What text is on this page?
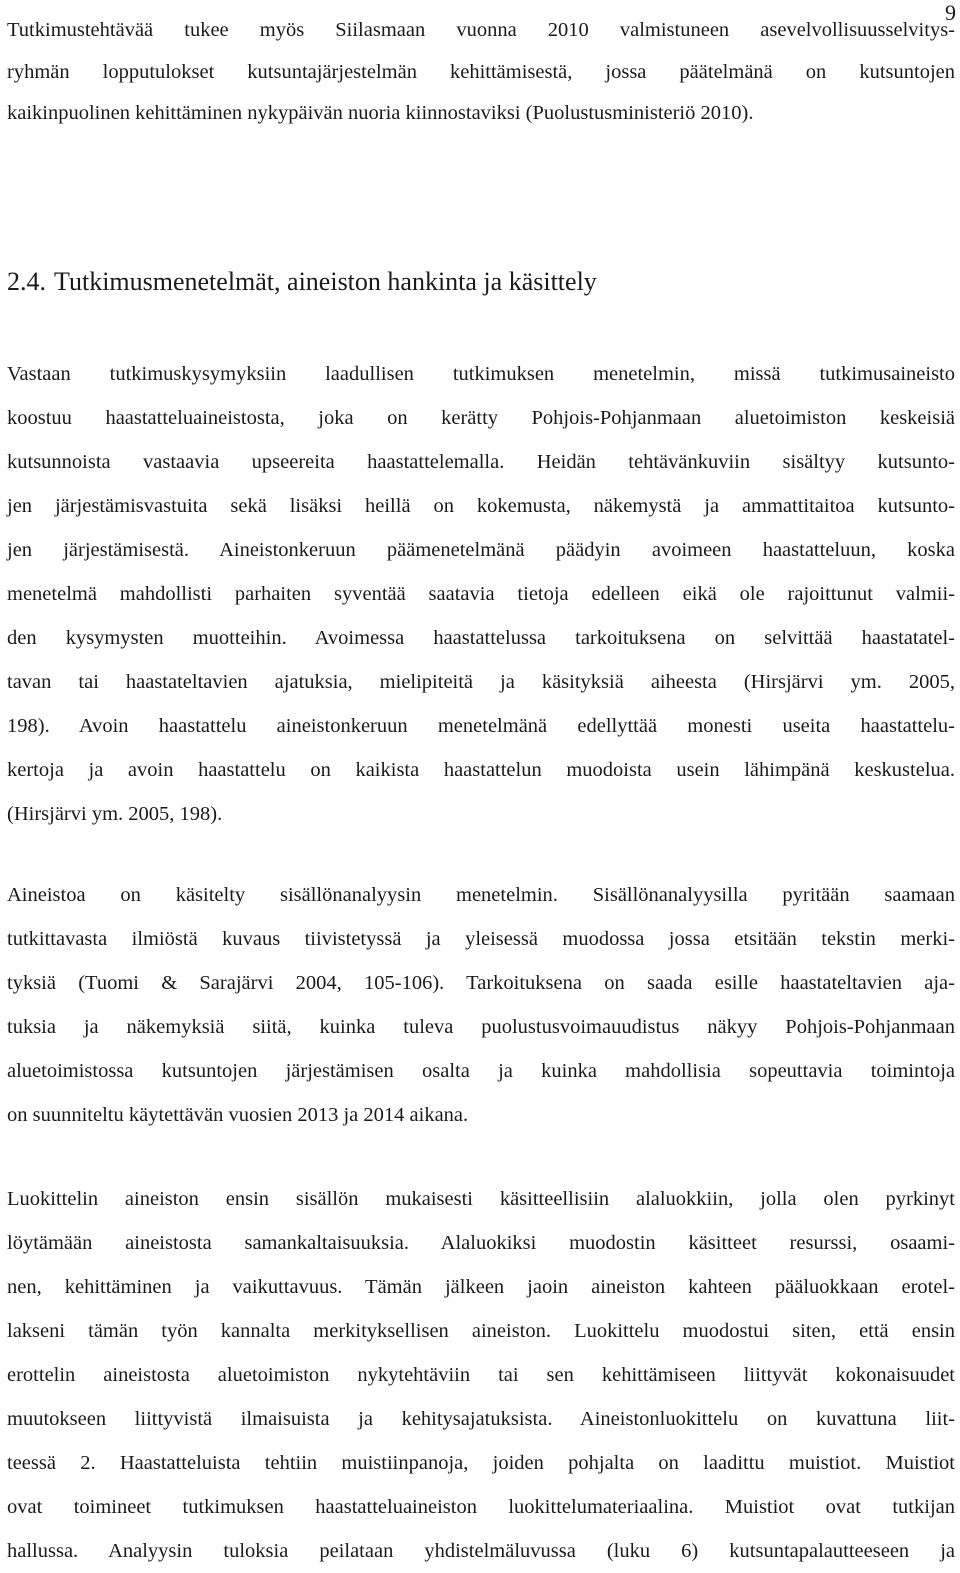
9
Tutkimustehtävää tukee myös Siilasmaan vuonna 2010 valmistuneen asevelvollisuusselvitys-
ryhmän lopputulokset kutsuntajärjestelmän kehittämisestä, jossa päätelmänä on kutsuntojen
kaikinpuolinen kehittäminen nykypäivän nuoria kiinnostaviksi (Puolustusministeriö 2010).
2.4. Tutkimusmenetelmät, aineiston hankinta ja käsittely
Vastaan tutkimuskysymyksiin laadullisen tutkimuksen menetelmin, missä tutkimusaineisto
koostuu haastatteluaineistosta, joka on kerätty Pohjois-Pohjanmaan aluetoimiston keskeisiä
kutsunnoista vastaavia upseereita haastattelemalla. Heidän tehtävänkuviin sisältyy kutsunto-
jen järjestämisvastuita sekä lisäksi heillä on kokemusta, näkemystä ja ammattitaitoa kutsunto-
jen järjestämisestä. Aineistonkeruun päämenetelmänä päädyin avoimeen haastatteluun, koska
menetelmä mahdollisti parhaiten syventää saatavia tietoja edelleen eikä ole rajoittunut valmii-
den kysymysten muotteihin. Avoimessa haastattelussa tarkoituksena on selvittää haastatatel-
tavan tai haastateltavien ajatuksia, mielipiteitä ja käsityksiä aiheesta (Hirsjärvi ym. 2005,
198). Avoin haastattelu aineistonkeruun menetelmänä edellyttää monesti useita haastattelu-
kertoja ja avoin haastattelu on kaikista haastattelun muodoista usein lähimpänä keskustelua.
(Hirsjärvi ym. 2005, 198).
Aineistoa on käsitelty sisällönanalyysin menetelmin. Sisällönanalyysilla pyritään saamaan
tutkittavasta ilmiöstä kuvaus tiivistetyssä ja yleisessä muodossa jossa etsitään tekstin merki-
tyksiä (Tuomi & Sarajärvi 2004, 105-106). Tarkoituksena on saada esille haastateltavien aja-
tuksia ja näkemyksiä siitä, kuinka tuleva puolustusvoimauudistus näkyy Pohjois-Pohjanmaan
aluetoimistossa kutsuntojen järjestämisen osalta ja kuinka mahdollisia sopeuttavia toimintoja
on suunniteltu käytettävän vuosien 2013 ja 2014 aikana.
Luokittelin aineiston ensin sisällön mukaisesti käsitteellisiin alaluokkiin, jolla olen pyrkinyt
löytämään aineistosta samankaltaisuuksia. Alaluokiksi muodostin käsitteet resurssi, osaami-
nen, kehittäminen ja vaikuttavuus. Tämän jälkeen jaoin aineiston kahteen pääluokkaan erotel-
lakseni tämän työn kannalta merkityksellisen aineiston. Luokittelu muodostui siten, että ensin
erottelin aineistosta aluetoimiston nykytehtäviin tai sen kehittämiseen liittyvät kokonaisuudet
muutokseen liittyvistä ilmaisuista ja kehitysajatuksista. Aineistonluokittelu on kuvattuna liit-
teessä 2. Haastatteluista tehtiin muistiinpanoja, joiden pohjalta on laadittu muistiot. Muistiot
ovat toimineet tutkimuksen haastatteluaineiston luokittelumateriaalina. Muistiot ovat tutkijan
hallussa. Analyysin tuloksia peilataan yhdistelmäluvussa (luku 6) kutsuntapalautteeseen ja
